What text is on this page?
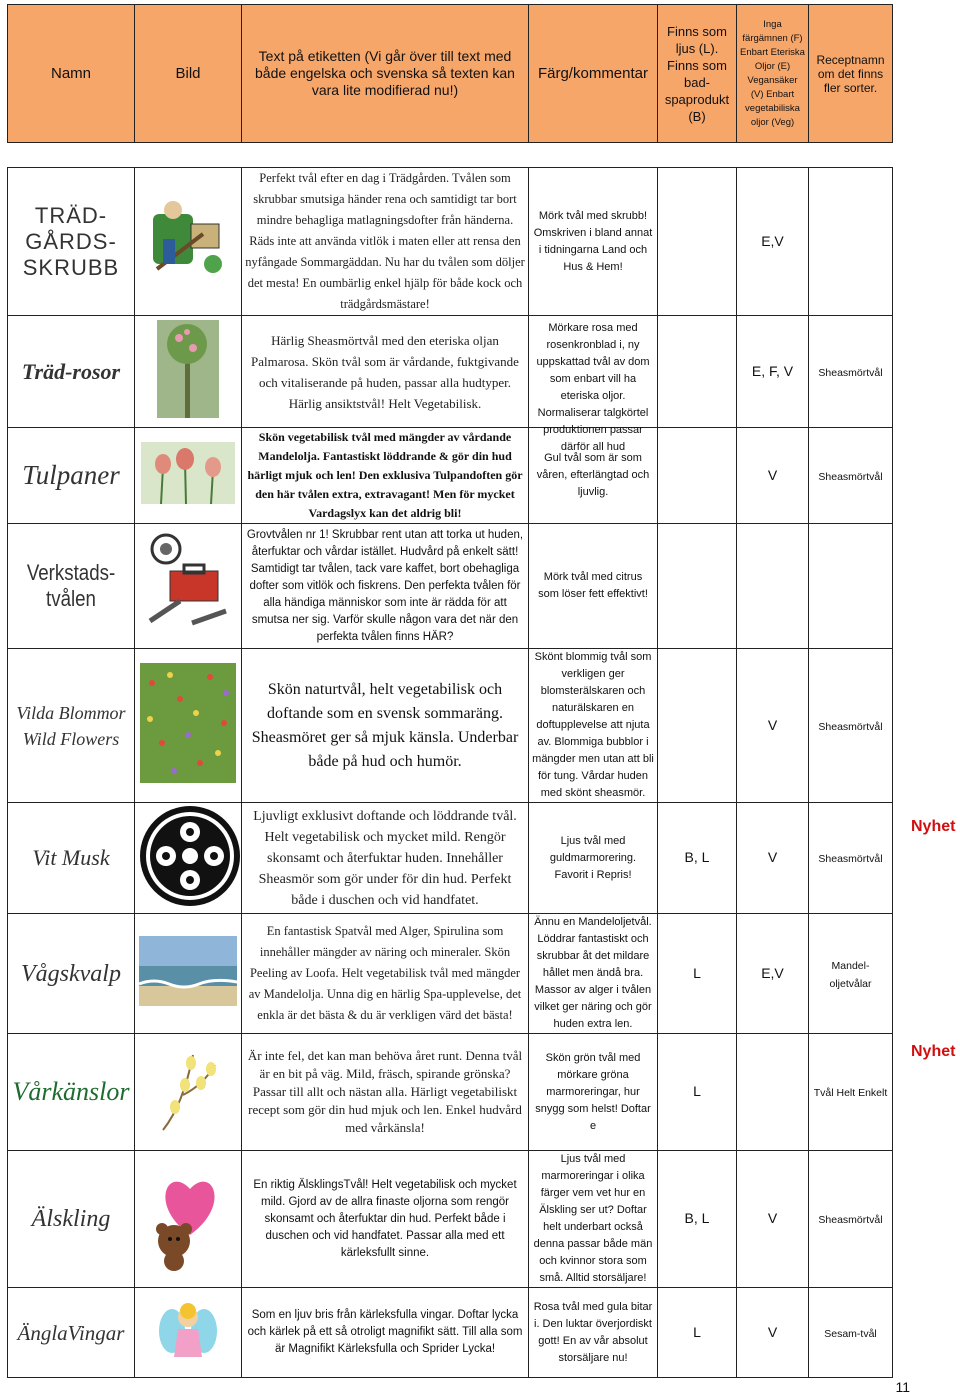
Namn	Bild	Text på etiketten (Vi går över till text med både engelska och svenska så texten kan vara lite modifierad nu!)	Färg/kommentar	Finns som ljus (L). Finns som bad-spaprodukt (B)	Inga färgämnen (F) Enbart Eteriska Oljor (E) Vegansäker (V) Enbart vegetabiliska oljor (Veg)	Receptnamn om det finns fler sorter.

TRÄD-GÅRDS-SKRUBB		Perfekt tvål efter en dag i Trädgården. Tvålen som skrubbar smutsiga händer rena och samtidigt tar bort mindre behagliga matlagningsdofter från händerna. Räds inte att använda vitlök i maten eller att rensa den nyfångade Sommargäddan. Nu har du tvålen som döljer det mesta! En oumbärlig enkel hjälp för både kock och trädgårdsmästare!	Mörk tvål med skrubb! Omskriven i bland annat i tidningarna Land och Hus & Hem!		E,V	
Träd-rosor		Härlig Sheasmörtvål med den eteriska oljan Palmarosa. Skön tvål som är vårdande, fuktgivande och vitaliserande på huden, passar alla hudtyper. Härlig ansiktstvål! Helt Vegetabilisk.	Mörkare rosa med rosenkronblad i, ny uppskattad tvål av dom som enbart vill ha eteriska oljor. Normaliserar talgkörtel produktionen passar därför all hud		E, F, V	Sheasmörtvål
Tulpaner		Skön vegetabilisk tvål med mängder av vårdande Mandelolja. Fantastiskt löddrande & gör din hud härligt mjuk och len! Den exklusiva Tulpandoften gör den här tvålen extra, extravagant! Men för mycket Vardagslyx kan det aldrig bli!	Gul tvål som är som våren, efterlängtad och ljuvlig.		V	Sheasmörtvål
Verkstads-tvålen		Grovtvålen nr 1! Skrubbar rent utan att torka ut huden, återfuktar och vårdar istället. Hudvård på enkelt sätt! Samtidigt tar tvålen, tack vare kaffet, bort obehagliga dofter som vitlök och fiskrens. Den perfekta tvålen för alla händiga människor som inte är rädda för att smutsa ner sig. Varför skulle någon vara det när den perfekta tvålen finns HÄR?	Mörk tvål med citrus som löser fett effektivt!			

Vilda Blommor Wild Flowers		Skön naturtvål, helt vegetabilisk och doftande som en svensk sommaräng. Sheasmöret ger så mjuk känsla. Underbar både på hud och humör.	Skönt blommig tvål som verkligen ger blomsterälskaren och naturälskaren en doftupplevelse att njuta av. Blommiga bubblor i mängder men utan att bli för tung. Vårdar huden med skönt sheasmör.		V	Sheasmörtvål
Vit Musk		Ljuvligt exklusivt doftande och löddrande tvål. Helt vegetabilisk och mycket mild. Rengör skonsamt och återfuktar huden. Innehåller Sheasmör som gör under för din hud. Perfekt både i duschen och vid handfatet.	Ljus tvål med guldmarmorering. Favorit i Repris!	B, L	V	Sheasmörtvål
Vågskvalp		En fantastisk Spatvål med Alger, Spirulina som innehåller mängder av näring och mineraler. Skön Peeling av Loofa. Helt vegetabilisk tvål med mängder av Mandelolja. Unna dig en härlig Spa-upplevelse, det enkla är det bästa & du är verkligen värd det bästa!	Ännu en Mandeloljetvål. Löddrar fantastiskt och skrubbar åt det mildare hållet men ändå bra. Massor av alger i tvålen vilket ger näring och gör huden extra len.	L	E,V	Mandel-oljetvålar
Vårkänslor		Är inte fel, det kan man behöva året runt. Denna tvål är en bit på väg. Mild, fräsch, spirande grönska? Passar till allt och nästan alla. Härligt vegetabiliskt recept som gör din hud mjuk och len. Enkel hudvård med vårkänsla!	Skön grön tvål med mörkare gröna marmoreringar, hur snygg som helst! Doftar e	L		Tvål Helt Enkelt
Älskling		En riktig ÄlsklingsTvål! Helt vegetabilisk och mycket mild. Gjord av de allra finaste oljorna som rengör skonsamt och återfuktar din hud. Perfekt både i duschen och vid handfatet. Passar alla med ett kärleksfullt sinne.	Ljus tvål med marmoreringar i olika färger vem vet hur en Älskling ser ut? Doftar helt underbart också denna passar både män och kvinnor stora som små. Alltid storsäljare!	B, L	V	Sheasmörtvål
ÄnglaVingar		Som en ljuv bris från kärleksfulla vingar. Doftar lycka och kärlek på ett så otroligt magnifikt sätt. Till alla som är Magnifikt Kärleksfulla och Sprider Lycka!	Rosa tvål med gula bitar i. Den luktar överjordiskt gott! En av vår absolut storsäljare nu!	L	V	Sesam-tvål
Nyhet
Nyhet
11
